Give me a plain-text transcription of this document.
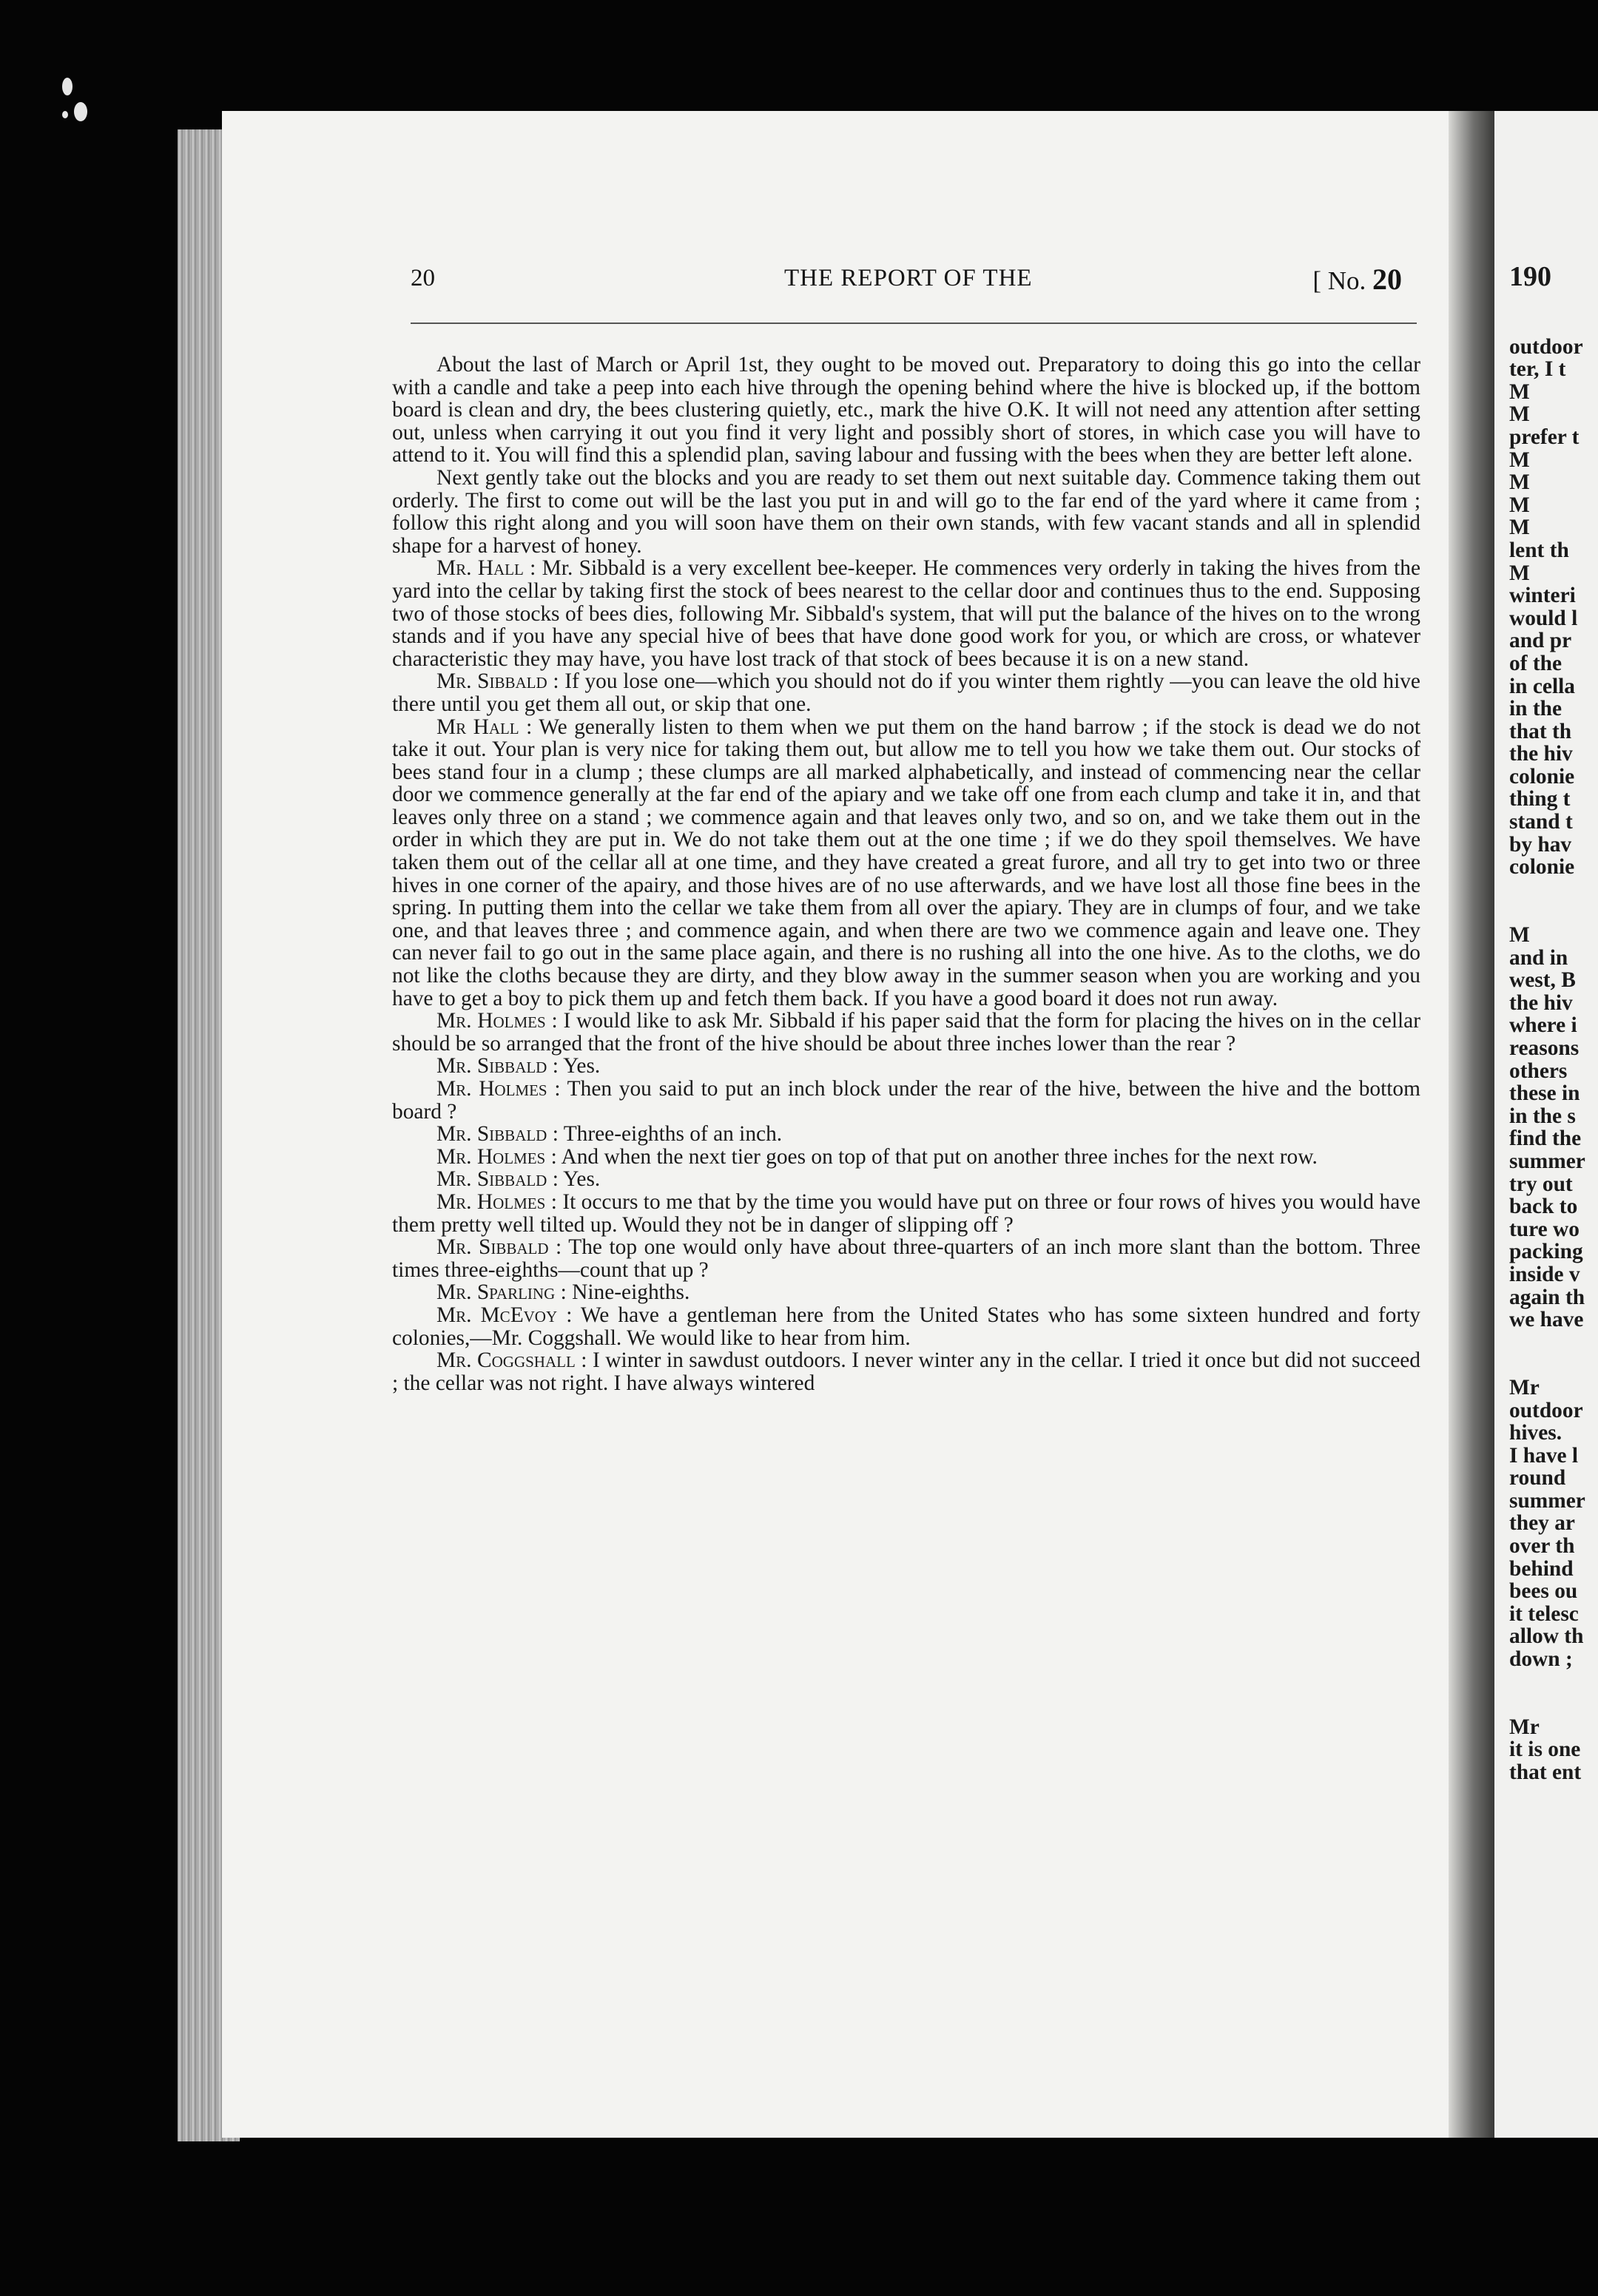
20	THE REPORT OF THE	[ No. 20

About the last of March or April 1st, they ought to be moved out. Preparatory to doing this go into the cellar with a candle and take a peep into each hive through the opening behind where the hive is blocked up, if the bottom board is clean and dry, the bees clustering quietly, etc., mark the hive O.K. It will not need any attention after setting out, unless when carrying it out you find it very light and possibly short of stores, in which case you will have to attend to it. You will find this a splendid plan, saving labour and fussing with the bees when they are better left alone.

Next gently take out the blocks and you are ready to set them out next suitable day. Commence taking them out orderly. The first to come out will be the last you put in and will go to the far end of the yard where it came from ; follow this right along and you will soon have them on their own stands, with few vacant stands and all in splendid shape for a harvest of honey.

Mr. Hall : Mr. Sibbald is a very excellent bee-keeper. He commences very orderly in taking the hives from the yard into the cellar by taking first the stock of bees nearest to the cellar door and continues thus to the end. Supposing two of those stocks of bees dies, following Mr. Sibbald's system, that will put the balance of the hives on to the wrong stands and if you have any special hive of bees that have done good work for you, or which are cross, or whatever characteristic they may have, you have lost track of that stock of bees because it is on a new stand.

Mr. Sibbald : If you lose one—which you should not do if you winter them rightly —you can leave the old hive there until you get them all out, or skip that one.

Mr Hall : We generally listen to them when we put them on the hand barrow ; if the stock is dead we do not take it out. Your plan is very nice for taking them out, but allow me to tell you how we take them out. Our stocks of bees stand four in a clump ; these clumps are all marked alphabetically, and instead of commencing near the cellar door we commence generally at the far end of the apiary and we take off one from each clump and take it in, and that leaves only three on a stand ; we commence again and that leaves only two, and so on, and we take them out in the order in which they are put in. We do not take them out at the one time ; if we do they spoil themselves. We have taken them out of the cellar all at one time, and they have created a great furore, and all try to get into two or three hives in one corner of the apairy, and those hives are of no use afterwards, and we have lost all those fine bees in the spring. In putting them into the cellar we take them from all over the apiary. They are in clumps of four, and we take one, and that leaves three ; and commence again, and when there are two we commence again and leave one. They can never fail to go out in the same place again, and there is no rushing all into the one hive. As to the cloths, we do not like the cloths because they are dirty, and they blow away in the summer season when you are working and you have to get a boy to pick them up and fetch them back. If you have a good board it does not run away.

Mr. Holmes : I would like to ask Mr. Sibbald if his paper said that the form for placing the hives on in the cellar should be so arranged that the front of the hive should be about three inches lower than the rear ?

Mr. Sibbald : Yes.

Mr. Holmes : Then you said to put an inch block under the rear of the hive, between the hive and the bottom board ?

Mr. Sibbald : Three-eighths of an inch.

Mr. Holmes : And when the next tier goes on top of that put on another three inches for the next row.

Mr. Sibbald : Yes.

Mr. Holmes : It occurs to me that by the time you would have put on three or four rows of hives you would have them pretty well tilted up. Would they not be in danger of slipping off ?

Mr. Sibbald : The top one would only have about three-quarters of an inch more slant than the bottom. Three times three-eighths—count that up ?

Mr. Sparling : Nine-eighths.

Mr. McEvoy : We have a gentleman here from the United States who has some sixteen hundred and forty colonies,—Mr. Coggshall. We would like to hear from him.

Mr. Coggshall : I winter in sawdust outdoors. I never winter any in the cellar. I tried it once but did not succeed ; the cellar was not right. I have always wintered

190
outdoor
ter, I t
M
M
prefer t
M
M
M
M
lent th
M
winteri
would l
and pr
of the
in cella
in the
that th
the hiv
colonie
thing t
stand t
by hav
colonie
M
and in
west, B
the hiv
where i
reasons
others
these in
in the s
find the
summer
try out
back to
ture wo
packing
inside v
again th
we have
Mr
outdoor
hives.
I have l
round
summer
they ar
over th
behind
bees ou
it telesc
allow th
down ;
Mr
it is one
that ent
